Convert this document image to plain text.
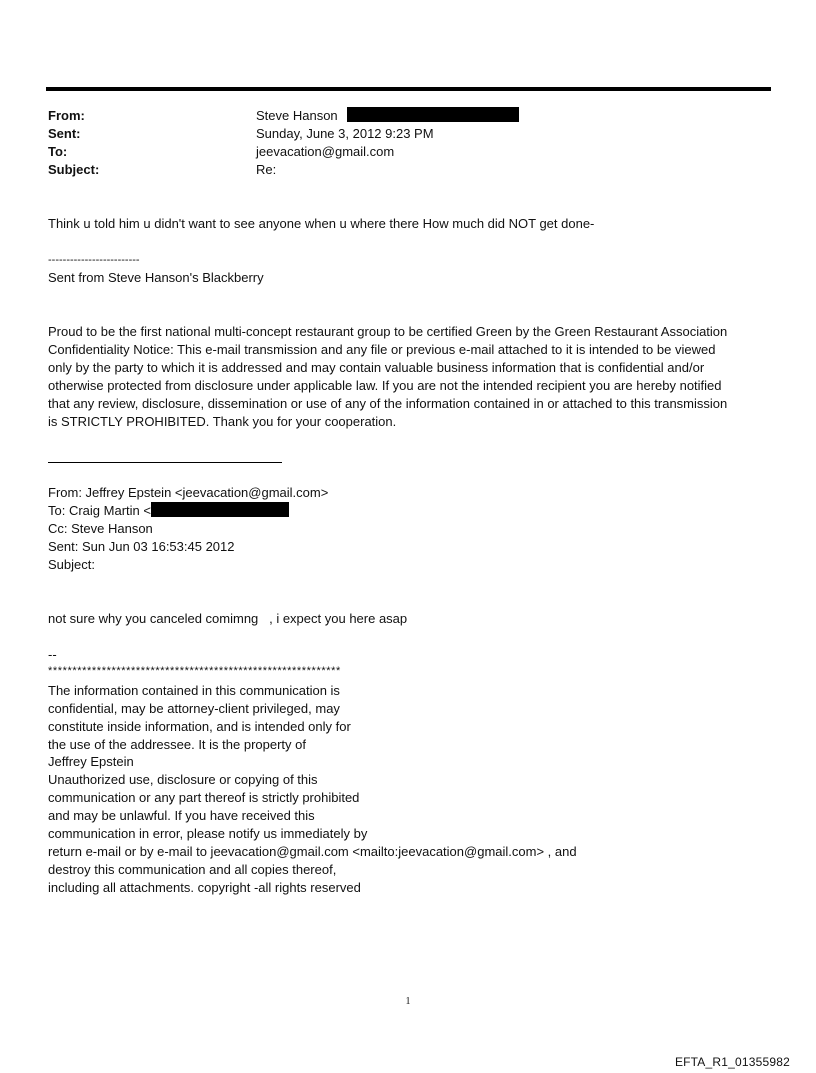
From:	Steve Hanson
Sent:	Sunday, June 3, 2012 9:23 PM
To:	jeevacation@gmail.com
Subject:	Re:
Think u told him u didn't want to see anyone when u where there How much did NOT get done-
-------------------------
Sent from Steve Hanson's Blackberry
Proud to be the first national multi-concept restaurant group to be certified Green by the Green Restaurant Association
Confidentiality Notice: This e-mail transmission and any file or previous e-mail attached to it is intended to be viewed
only by the party to which it is addressed and may contain valuable business information that is confidential and/or
otherwise protected from disclosure under applicable law. If you are not the intended recipient you are hereby notified
that any review, disclosure, dissemination or use of any of the information contained in or attached to this transmission
is STRICTLY PROHIBITED. Thank you for your cooperation.
From: Jeffrey Epstein <jeevacation@gmail.com>
To: Craig Martin <
Cc: Steve Hanson
Sent: Sun Jun 03 16:53:45 2012
Subject:
not sure why you canceled comimng   , i expect you here asap
--
************************************************************
The information contained in this communication is
confidential, may be attorney-client privileged, may
constitute inside information, and is intended only for
the use of the addressee. It is the property of
Jeffrey Epstein
Unauthorized use, disclosure or copying of this
communication or any part thereof is strictly prohibited
and may be unlawful. If you have received this
communication in error, please notify us immediately by
return e-mail or by e-mail to jeevacation@gmail.com <mailto:jeevacation@gmail.com> , and
destroy this communication and all copies thereof,
including all attachments. copyright -all rights reserved
1
EFTA_R1_01355982
